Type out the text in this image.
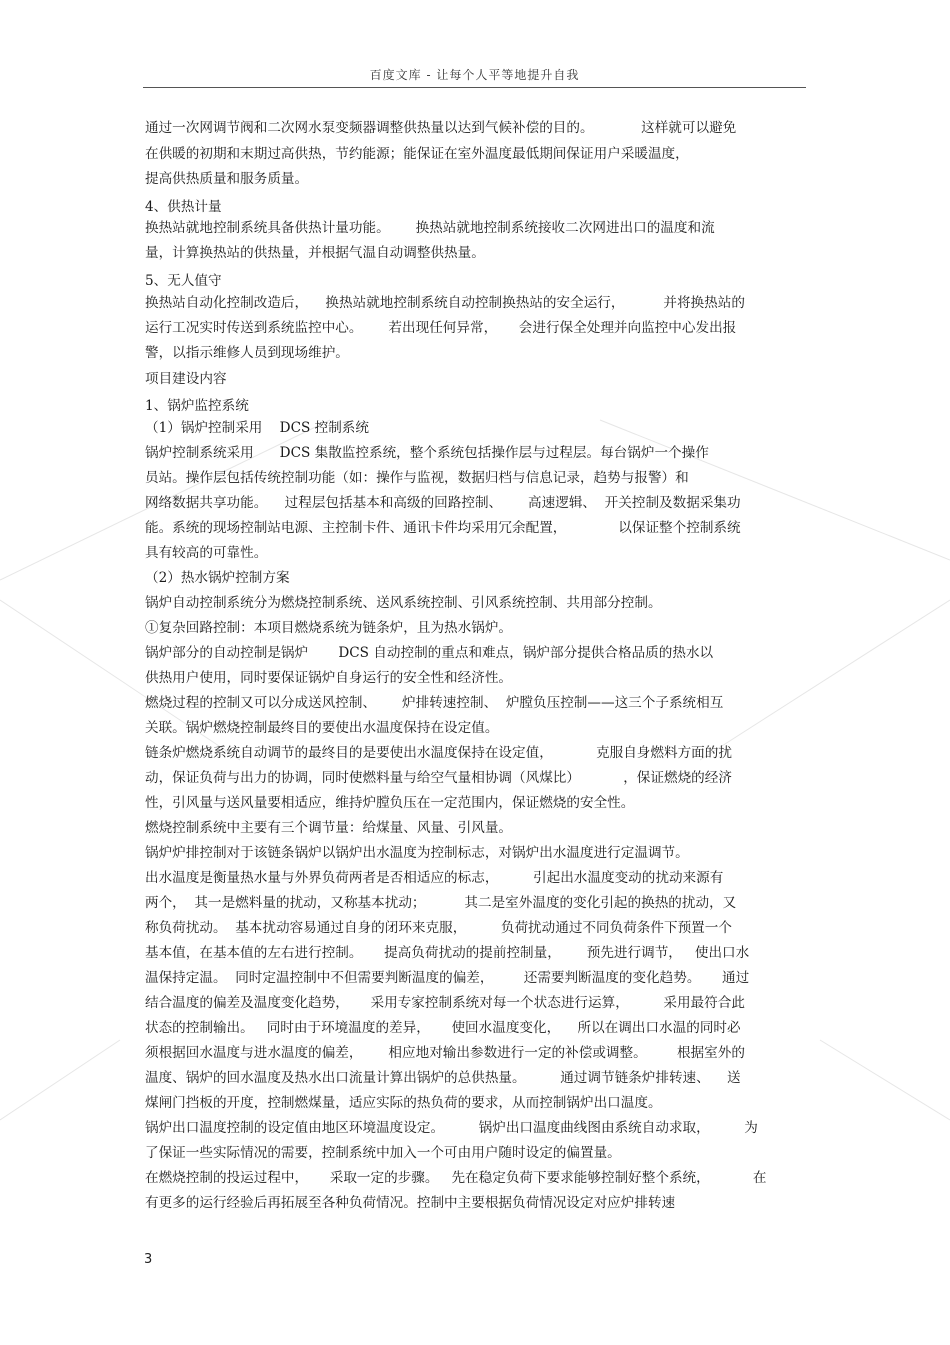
百度文库 - 让每个人平等地提升自我
通过一次网调节阀和二次网水泵变频器调整供热量以达到气候补偿的目的。           这样就可以避免
在供暖的初期和末期过高供热，节约能源；能保证在室外温度最低期间保证用户采暖温度，
提高供热质量和服务质量。
4、供热计量
换热站就地控制系统具备供热计量功能。      换热站就地控制系统接收二次网进出口的温度和流
量，计算换热站的供热量，并根据气温自动调整供热量。
5、无人值守
换热站自动化控制改造后，    换热站就地控制系统自动控制换热站的安全运行，         并将换热站的
运行工况实时传送到系统监控中心。      若出现任何异常，     会进行保全处理并向监控中心发出报
警，以指示维修人员到现场维护。
项目建设内容
1、锅炉监控系统
（1）锅炉控制采用    DCS 控制系统
锅炉控制系统采用      DCS 集散监控系统，整个系统包括操作层与过程层。每台锅炉一个操作
员站。操作层包括传统控制功能（如：操作与监视，数据归档与信息记录，趋势与报警）和
网络数据共享功能。    过程层包括基本和高级的回路控制、      高速逻辑、  开关控制及数据采集功
能。系统的现场控制站电源、主控制卡件、通讯卡件均采用冗余配置，            以保证整个控制系统
具有较高的可靠性。
（2）热水锅炉控制方案
锅炉自动控制系统分为燃烧控制系统、送风系统控制、引风系统控制、共用部分控制。
①复杂回路控制：本项目燃烧系统为链条炉，且为热水锅炉。
锅炉部分的自动控制是锅炉       DCS 自动控制的重点和难点，锅炉部分提供合格品质的热水以
供热用户使用，同时要保证锅炉自身运行的安全性和经济性。
燃烧过程的控制又可以分成送风控制、      炉排转速控制、  炉膛负压控制——这三个子系统相互
关联。锅炉燃烧控制最终目的要使出水温度保持在设定值。
链条炉燃烧系统自动调节的最终目的是要使出水温度保持在设定值，          克服自身燃料方面的扰
动，保证负荷与出力的协调，同时使燃料量与给空气量相协调（风煤比）          ，保证燃烧的经济
性，引风量与送风量要相适应，维持炉膛负压在一定范围内，保证燃烧的安全性。
燃烧控制系统中主要有三个调节量：给煤量、风量、引风量。
锅炉炉排控制对于该链条锅炉以锅炉出水温度为控制标志，对锅炉出水温度进行定温调节。
出水温度是衡量热水量与外界负荷两者是否相适应的标志，        引起出水温度变动的扰动来源有
两个，  其一是燃料量的扰动，又称基本扰动；         其二是室外温度的变化引起的换热的扰动，又
称负荷扰动。  基本扰动容易通过自身的闭环来克服，        负荷扰动通过不同负荷条件下预置一个
基本值，在基本值的左右进行控制。     提高负荷扰动的提前控制量，      预先进行调节，   使出口水
温保持定温。  同时定温控制中不但需要判断温度的偏差，       还需要判断温度的变化趋势。     通过
结合温度的偏差及温度变化趋势，     采用专家控制系统对每一个状态进行运算，        采用最符合此
状态的控制输出。   同时由于环境温度的差异，     使回水温度变化，    所以在调出口水温的同时必
须根据回水温度与进水温度的偏差，      相应地对输出参数进行一定的补偿或调整。       根据室外的
温度、锅炉的回水温度及热水出口流量计算出锅炉的总供热量。        通过调节链条炉排转速、    送
煤闸门挡板的开度，控制燃煤量，适应实际的热负荷的要求，从而控制锅炉出口温度。
锅炉出口温度控制的设定值由地区环境温度设定。        锅炉出口温度曲线图由系统自动求取，        为
了保证一些实际情况的需要，控制系统中加入一个可由用户随时设定的偏置量。
在燃烧控制的投运过程中，     采取一定的步骤。   先在稳定负荷下要求能够控制好整个系统，          在
有更多的运行经验后再拓展至各种负荷情况。控制中主要根据负荷情况设定对应炉排转速
3
